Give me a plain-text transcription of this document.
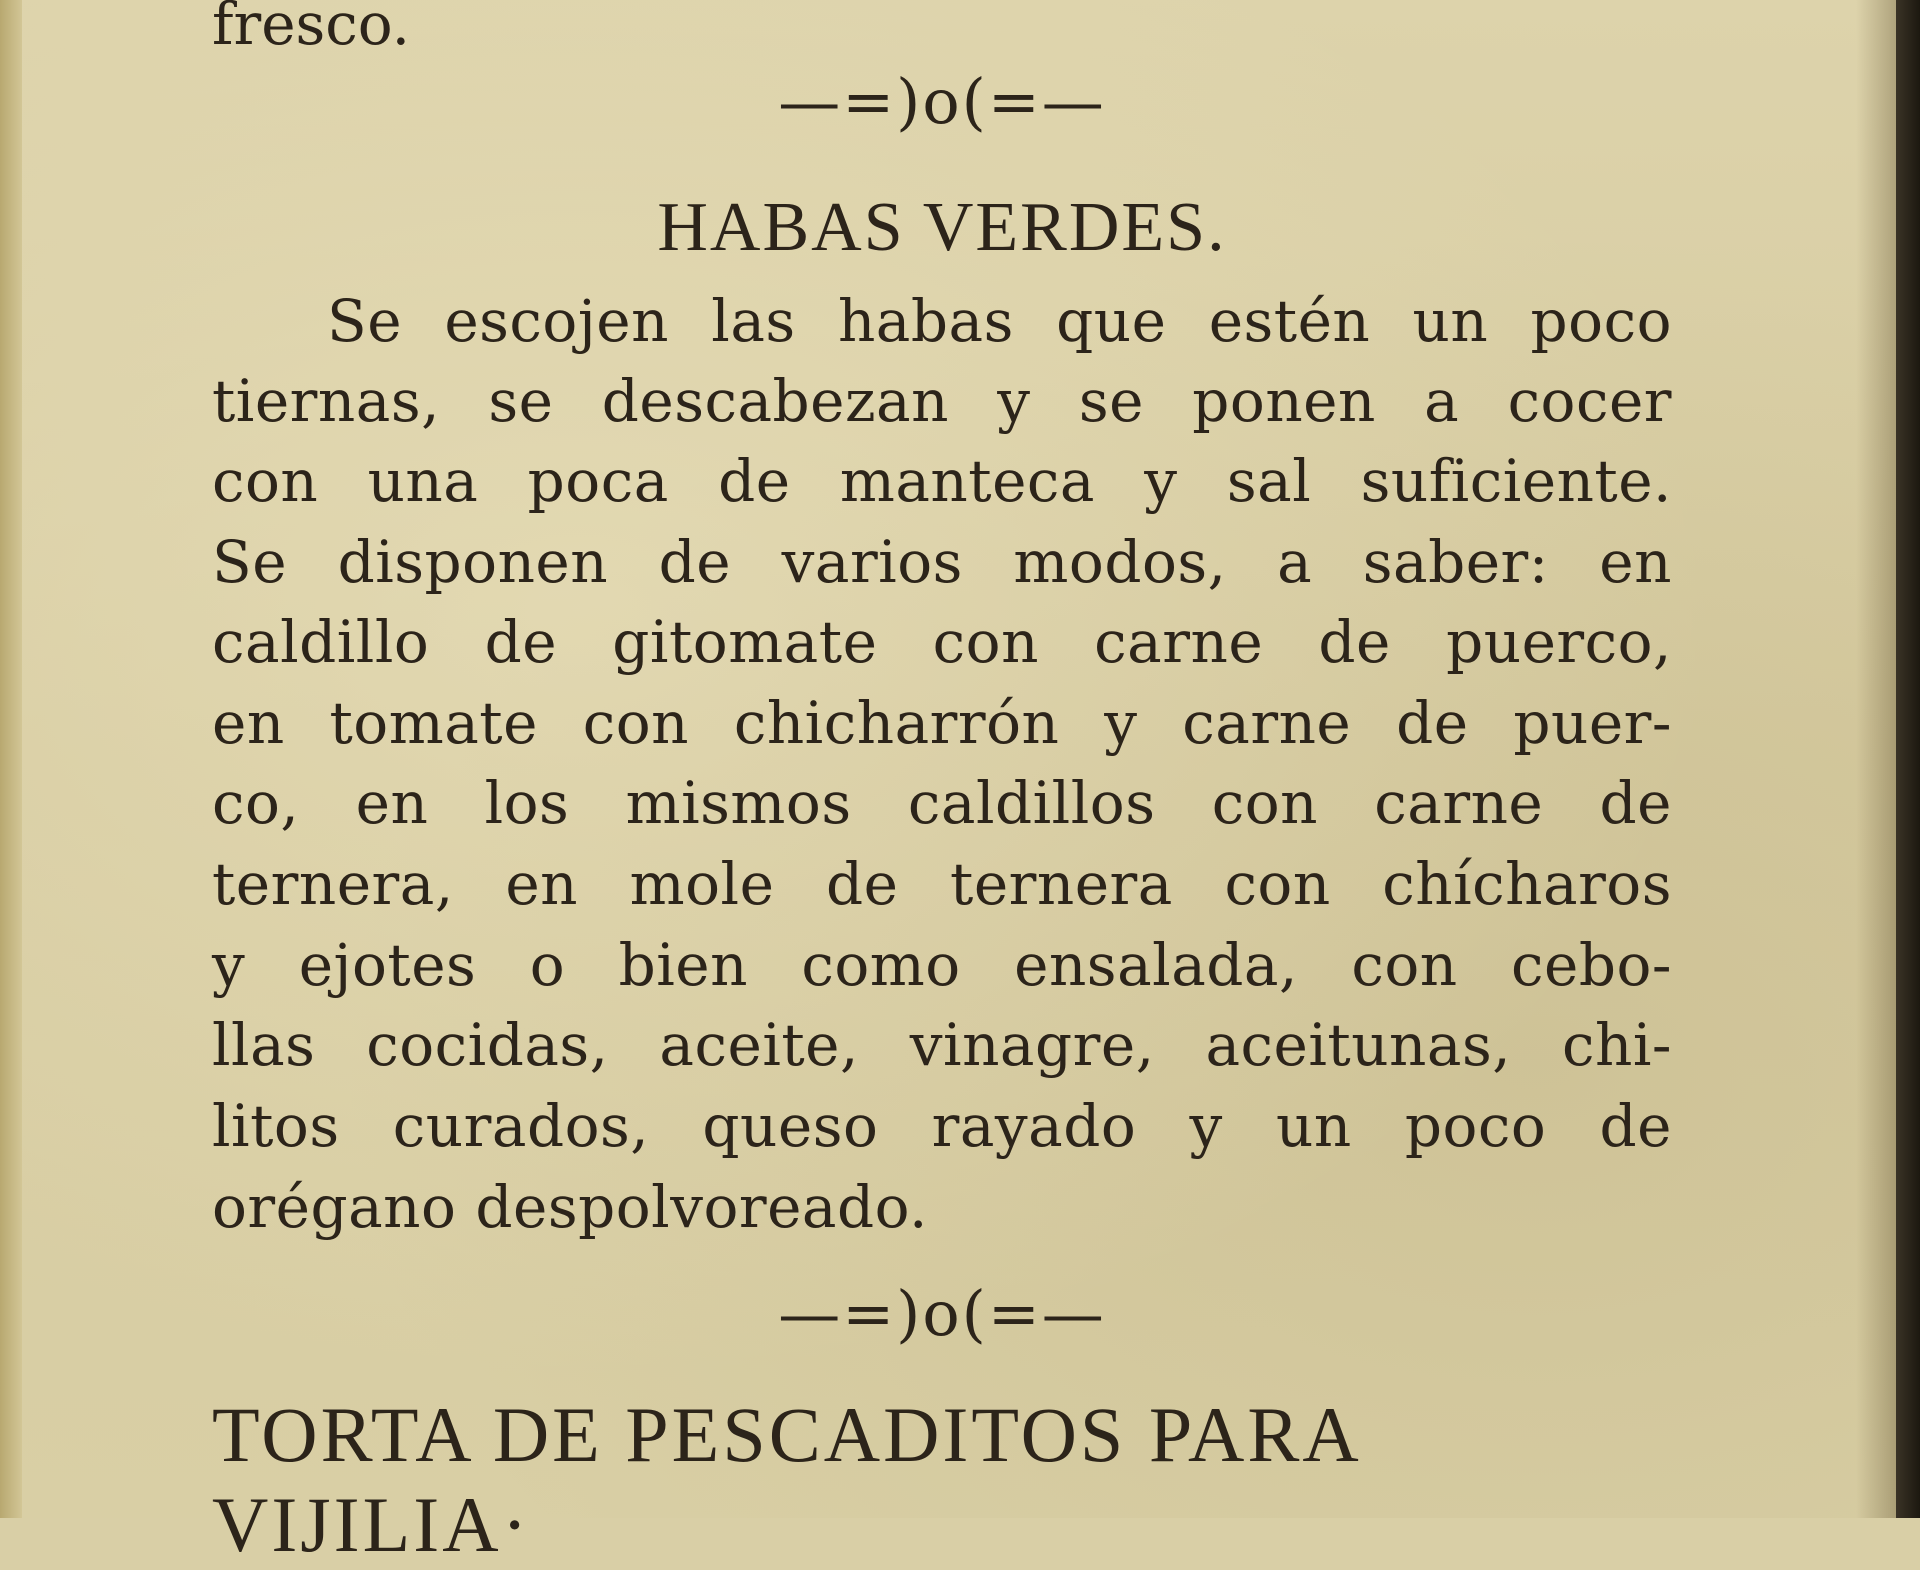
fresco.
—=)o(=—
HABAS VERDES.
Se escojen las habas que estén un poco
tiernas, se descabezan y se ponen a cocer
con una poca de manteca y sal suficiente.
Se disponen de varios modos, a saber: en
caldillo de gitomate con carne de puerco,
en tomate con chicharrón y carne de puer-
co, en los mismos caldillos con carne de
ternera, en mole de ternera con chícharos
y ejotes o bien como ensalada, con cebo-
llas cocidas, aceite, vinagre, aceitunas, chi-
litos curados, queso rayado y un poco de
orégano despolvoreado.
—=)o(=—
TORTA DE PESCADITOS PARA VIJILIA·
